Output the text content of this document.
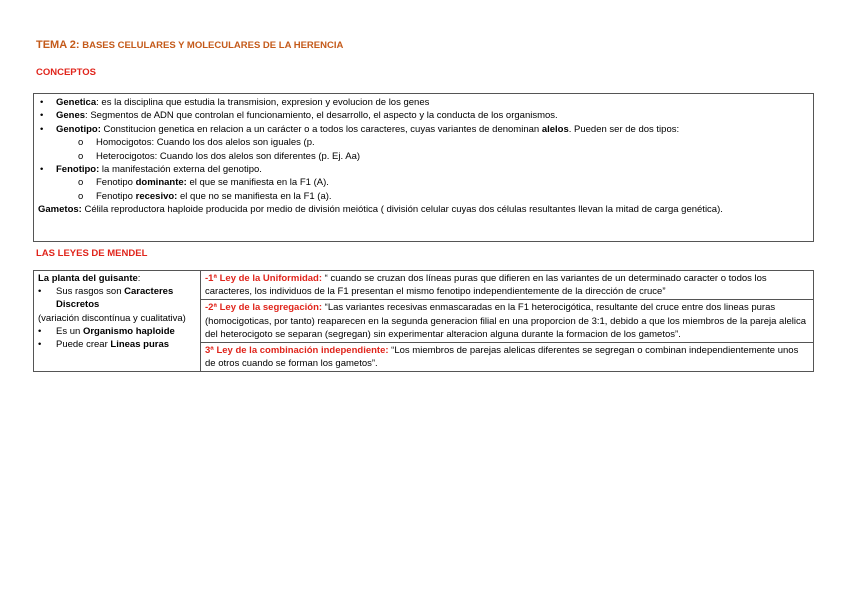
TEMA 2: BASES CELULARES Y MOLECULARES DE LA HERENCIA
CONCEPTOS
• Genetica: es la disciplina que estudia la transmision, expresion y evolucion de los genes
• Genes: Segmentos de ADN que controlan el funcionamiento, el desarrollo, el aspecto y la conducta de los organismos.
• Genotipo: Constitucion genetica en relacion a un carácter o a todos los caracteres, cuyas variantes de denominan alelos. Pueden ser de dos tipos:
o Homocigotos: Cuando los dos alelos son iguales (p.
o Heterocigotos: Cuando los dos alelos son diferentes (p. Ej. Aa)
• Fenotipo: la manifestación externa del genotipo.
o Fenotipo dominante: el que se manifiesta en la F1 (A).
o Fenotipo recesivo: el que no se manifiesta en la F1 (a).
Gametos: Célila reproductora haploide producida por medio de división meiótica ( división celular cuyas dos células resultantes llevan la mitad de carga genética).
LAS LEYES DE MENDEL
La planta del guisante:
• Sus rasgos son Caracteres Discretos
(variación discontínua y cualitativa)
• Es un Organismo haploide
• Puede crear Lineas puras
	-1ª Ley de la Uniformidad: “ cuando se cruzan dos líneas puras que difieren en las variantes de un determinado caracter o todos los caracteres, los individuos de la F1 presentan el mismo fenotipo independientemente de la dirección de cruce”
-2ª Ley de la segregación: “Las variantes recesivas enmascaradas en la F1 heterocigótica, resultante del cruce entre dos lineas puras (homocigoticas, por tanto) reaparecen en la segunda generacion filial en una proporcion de 3:1, debido a que los miembros de la pareja alelica del heterocigoto se separan (segregan) sin experimentar alteracion alguna durante la formacion de los gametos”.
3ª Ley de la combinación independiente: “Los miembros de parejas alelicas diferentes se segregan o combinan independientemente unos de otros cuando se forman los gametos”.
